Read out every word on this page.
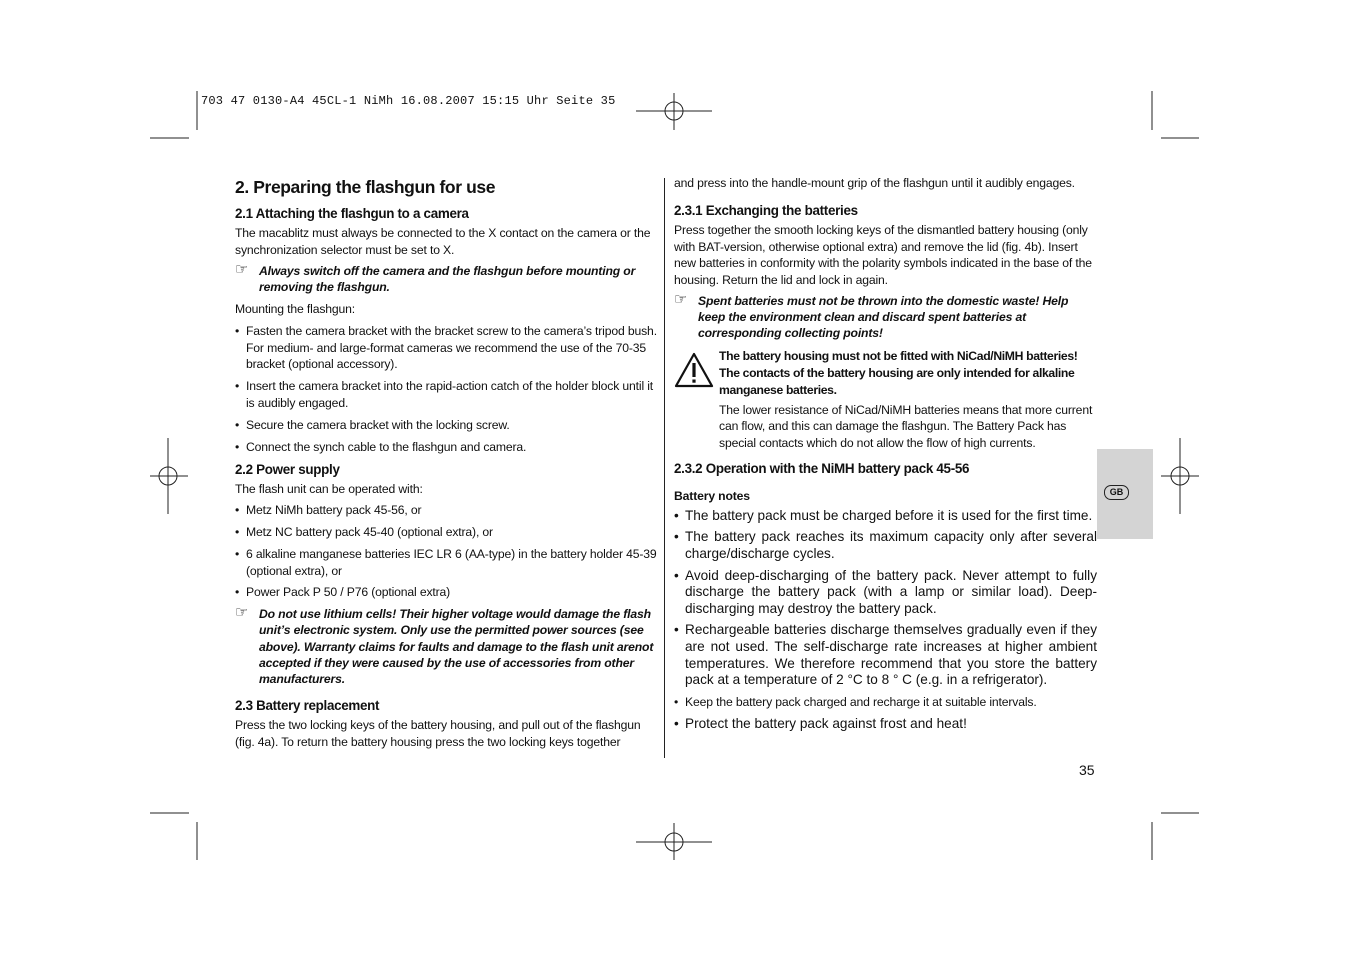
703 47 0130-A4 45CL-1 NiMh 16.08.2007 15:15 Uhr Seite 35
2. Preparing the flashgun for use
2.1 Attaching the flashgun to a camera

The macablitz must always be connected to the X contact on the camera or the synchronization selector must be set to X.

☞ Always switch off the camera and the flashgun before mounting or removing the flashgun.

Mounting the flashgun:

• Fasten the camera bracket with the bracket screw to the camera’s tripod bush. For medium- and large-format cameras we recommend the use of the 70-35 bracket (optional accessory).
• Insert the camera bracket into the rapid-action catch of the holder block until it is audibly engaged.
• Secure the camera bracket with the locking screw.
• Connect the synch cable to the flashgun and camera.
2.2 Power supply

The flash unit can be operated with:

• Metz NiMh battery pack 45-56, or
• Metz NC battery pack 45-40 (optional extra), or
• 6 alkaline manganese batteries IEC LR 6 (AA-type) in the battery holder 45-39 (optional extra), or
• Power Pack P 50 / P76 (optional extra)
☞ Do not use lithium cells! Their higher voltage would damage the flash unit’s electronic system. Only use the permitted power sources (see above). Warranty claims for faults and damage to the flash unit arenot accepted if they were caused by the use of accessories from other manufacturers.
2.3 Battery replacement

Press the two locking keys of the battery housing, and pull out of the flashgun (fig. 4a). To return the battery housing press the two locking keys together

and press into the handle-mount grip of the flashgun until it audibly engages.

2.3.1 Exchanging the batteries

Press together the smooth locking keys of the dismantled battery housing (only with BAT-version, otherwise optional extra) and remove the lid (fig. 4b). Insert new batteries in conformity with the polarity symbols indicated in the base of the housing. Return the lid and lock in again.

☞ Spent batteries must not be thrown into the domestic waste! Help keep the environment clean and discard spent batteries at corresponding collecting points!
The battery housing must not be fitted with NiCad/NiMH batteries! The contacts of the battery housing are only intended for alkaline manganese batteries.
The lower resistance of NiCad/NiMH batteries means that more current can flow, and this can damage the flashgun. The Battery Pack has special contacts which do not allow the flow of high currents.
2.3.2 Operation with the NiMH battery pack 45-56
Battery notes
• The battery pack must be charged before it is used for the first time.
• The battery pack reaches its maximum capacity only after several charge/discharge cycles.
• Avoid deep-discharging of the battery pack. Never attempt to fully discharge the battery pack (with a lamp or similar load). Deep-discharging may destroy the battery pack.
• Rechargeable batteries discharge themselves gradually even if they are not used. The self-discharge rate increases at higher ambient temperatures. We therefore recommend that you store the battery pack at a temperature of 2 °C to 8 ° C (e.g. in a refrigerator).
• Keep the battery pack charged and recharge it at suitable intervals.
• Protect the battery pack against frost and heat!
GB
35
